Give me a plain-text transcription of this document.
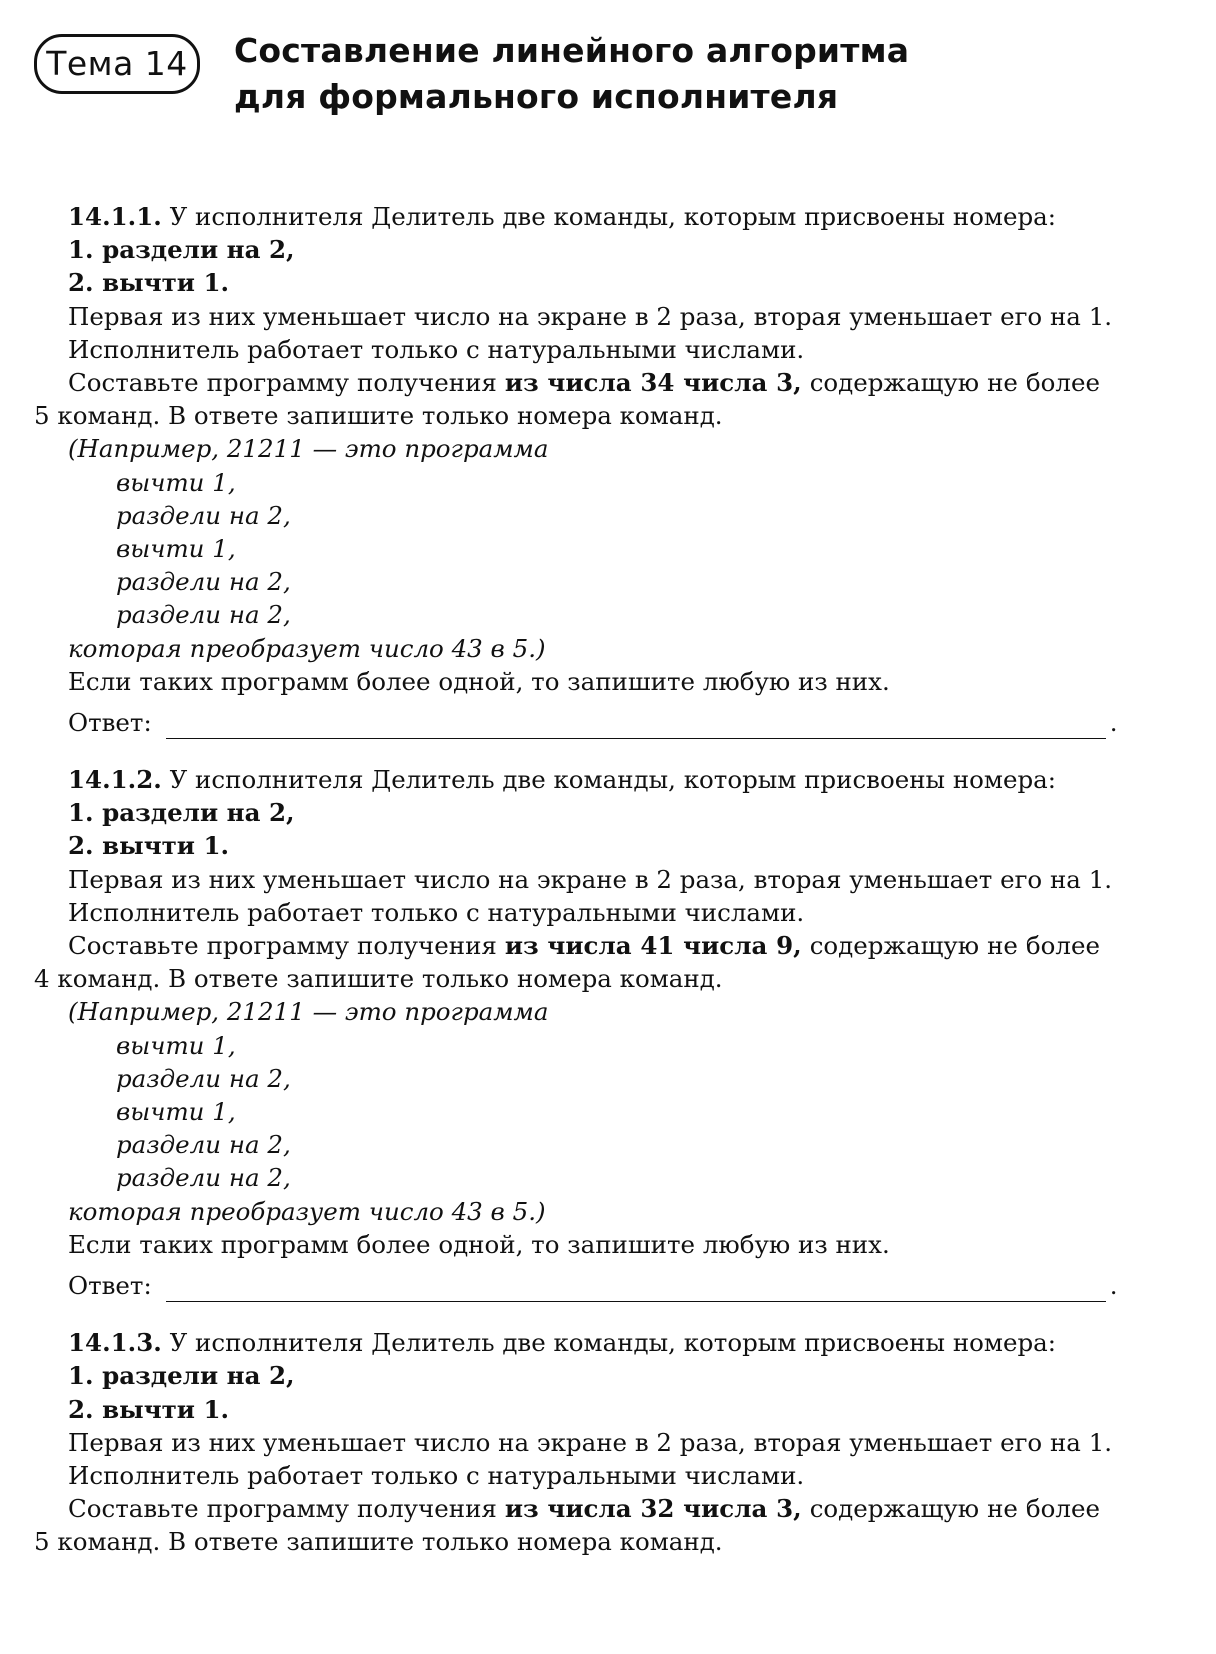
Тема 14	Составление линейного алгоритма
для формального исполнителя
14.1.1. У исполнителя Делитель две команды, которым присвоены номера:
1. раздели на 2,
2. вычти 1.
Первая из них уменьшает число на экране в 2 раза, вторая уменьшает его на 1.
Исполнитель работает только с натуральными числами.
Составьте программу получения из числа 34 числа 3, содержащую не более
5 команд. В ответе запишите только номера команд.
(Например, 21211 — это программа
вычти 1,
раздели на 2,
вычти 1,
раздели на 2,
раздели на 2,
которая преобразует число 43 в 5.)
Если таких программ более одной, то запишите любую из них.
Ответ:	.
14.1.2. У исполнителя Делитель две команды, которым присвоены номера:
1. раздели на 2,
2. вычти 1.
Первая из них уменьшает число на экране в 2 раза, вторая уменьшает его на 1.
Исполнитель работает только с натуральными числами.
Составьте программу получения из числа 41 числа 9, содержащую не более
4 команд. В ответе запишите только номера команд.
(Например, 21211 — это программа
вычти 1,
раздели на 2,
вычти 1,
раздели на 2,
раздели на 2,
которая преобразует число 43 в 5.)
Если таких программ более одной, то запишите любую из них.
Ответ:	.
14.1.3. У исполнителя Делитель две команды, которым присвоены номера:
1. раздели на 2,
2. вычти 1.
Первая из них уменьшает число на экране в 2 раза, вторая уменьшает его на 1.
Исполнитель работает только с натуральными числами.
Составьте программу получения из числа 32 числа 3, содержащую не более
5 команд. В ответе запишите только номера команд.
